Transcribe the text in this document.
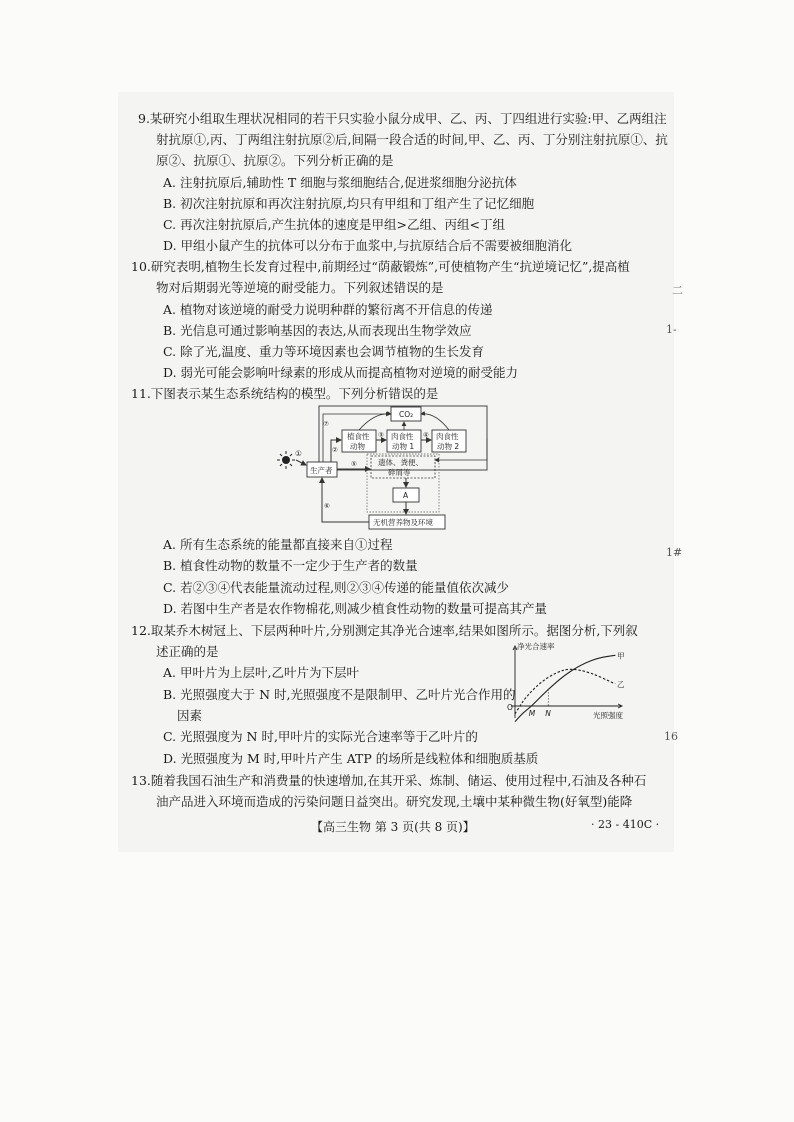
9.某研究小组取生理状况相同的若干只实验小鼠分成甲、乙、丙、丁四组进行实验:甲、乙两组注
射抗原①,丙、丁两组注射抗原②后,间隔一段合适的时间,甲、乙、丙、丁分别注射抗原①、抗
原②、抗原①、抗原②。下列分析正确的是
A. 注射抗原后,辅助性 T 细胞与浆细胞结合,促进浆细胞分泌抗体
B. 初次注射抗原和再次注射抗原,均只有甲组和丁组产生了记忆细胞
C. 再次注射抗原后,产生抗体的速度是甲组>乙组、丙组<丁组
D. 甲组小鼠产生的抗体可以分布于血浆中,与抗原结合后不需要被细胞消化
10.研究表明,植物生长发育过程中,前期经过“荫蔽锻炼”,可使植物产生“抗逆境记忆”,提高植
物对后期弱光等逆境的耐受能力。下列叙述错误的是
A. 植物对该逆境的耐受力说明种群的繁衍离不开信息的传递
B. 光信息可通过影响基因的表达,从而表现出生物学效应
C. 除了光,温度、重力等环境因素也会调节植物的生长发育
D. 弱光可能会影响叶绿素的形成从而提高植物对逆境的耐受能力
11.下图表示某生态系统结构的模型。下列分析错误的是
①
CO₂
生产者
植食性
动物
肉食性
动物 1
肉食性
动物 2
③	④
②
⑦
遗体、粪便、
碎屑等
⑤
A
无机营养物及环境
⑥
A. 所有生态系统的能量都直接来自①过程
B. 植食性动物的数量不一定少于生产者的数量
C. 若②③④代表能量流动过程,则②③④传递的能量值依次减少
D. 若图中生产者是农作物棉花,则减少植食性动物的数量可提高其产量
12.取某乔木树冠上、下层两种叶片,分别测定其净光合速率,结果如图所示。据图分析,下列叙
述正确的是
A. 甲叶片为上层叶,乙叶片为下层叶
B. 光照强度大于 N 时,光照强度不是限制甲、乙叶片光合作用的
因素
C. 光照强度为 N 时,甲叶片的实际光合速率等于乙叶片的
D. 光照强度为 M 时,甲叶片产生 ATP 的场所是线粒体和细胞质基质
净光合速率
光照强度
O
甲
乙
M N
13.随着我国石油生产和消费量的快速增加,在其开采、炼制、储运、使用过程中,石油及各种石
油产品进入环境而造成的污染问题日益突出。研究发现,土壤中某种微生物(好氧型)能降
二
1-
1#
16
【高三生物 第 3 页(共 8 页)】	· 23 - 410C ·
